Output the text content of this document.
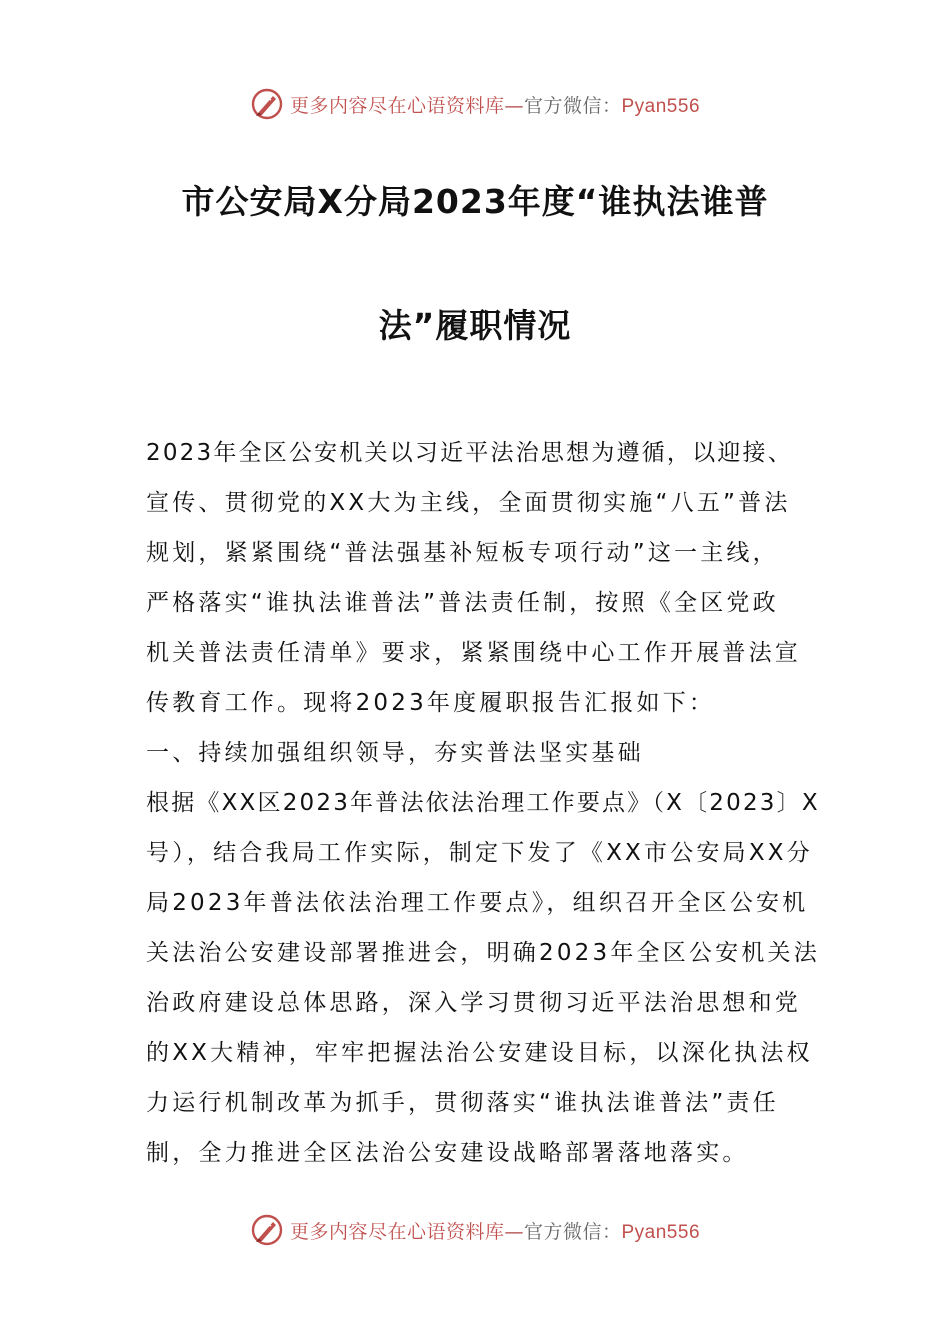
更多内容尽在心语资料库—官方微信：Pyan556
市公安局X分局2023年度“谁执法谁普
法”履职情况
2023年全区公安机关以习近平法治思想为遵循，以迎接、
宣传、贯彻党的XX大为主线，全面贯彻实施“八五”普法
规划，紧紧围绕“普法强基补短板专项行动”这一主线，
严格落实“谁执法谁普法”普法责任制，按照《全区党政
机关普法责任清单》要求，紧紧围绕中心工作开展普法宣
传教育工作。现将2023年度履职报告汇报如下：
一、持续加强组织领导，夯实普法坚实基础
根据《XX区2023年普法依法治理工作要点》（X〔2023〕X
号），结合我局工作实际，制定下发了《XX市公安局XX分
局2023年普法依法治理工作要点》，组织召开全区公安机
关法治公安建设部署推进会，明确2023年全区公安机关法
治政府建设总体思路，深入学习贯彻习近平法治思想和党
的XX大精神，牢牢把握法治公安建设目标，以深化执法权
力运行机制改革为抓手，贯彻落实“谁执法谁普法”责任
制，全力推进全区法治公安建设战略部署落地落实。
更多内容尽在心语资料库—官方微信：Pyan556
